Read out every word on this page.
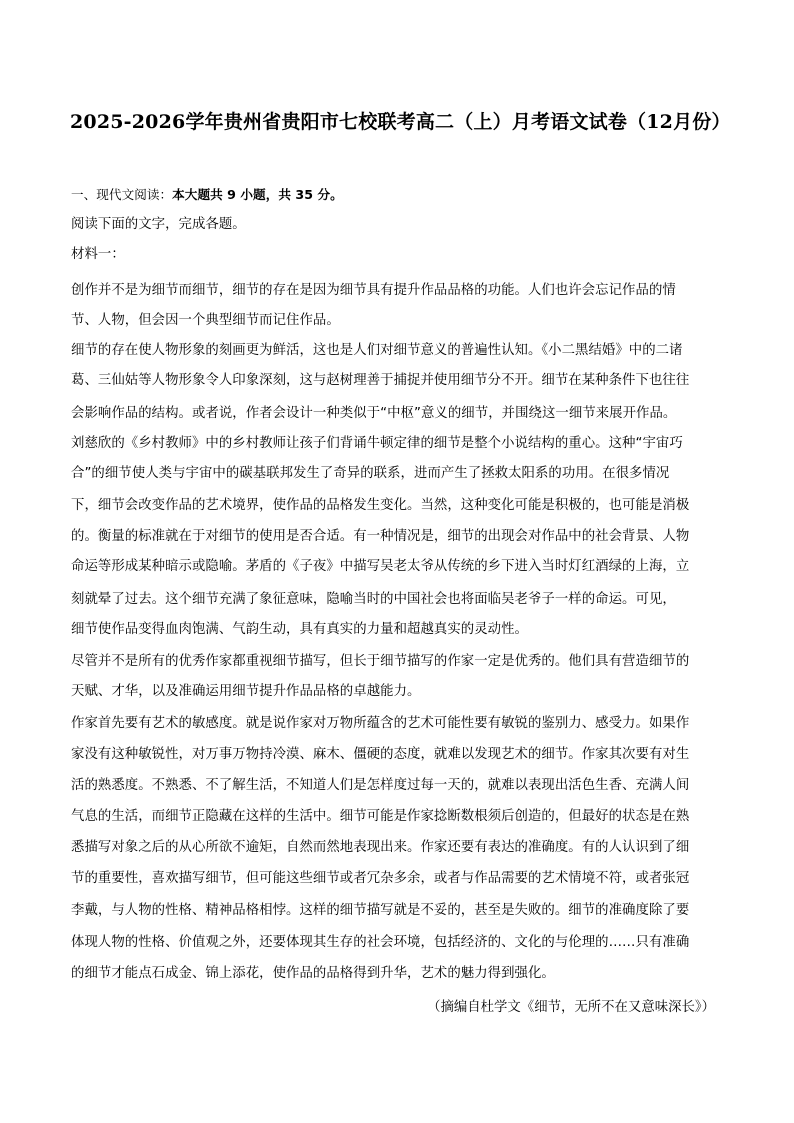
2025-2026学年贵州省贵阳市七校联考高二（上）月考语文试卷（12月份）
一、现代文阅读：本大题共 9 小题，共 35 分。
阅读下面的文字，完成各题。
材料一：
创作并不是为细节而细节，细节的存在是因为细节具有提升作品品格的功能。人们也许会忘记作品的情
节、人物，但会因一个典型细节而记住作品。
细节的存在使人物形象的刻画更为鲜活，这也是人们对细节意义的普遍性认知。《小二黑结婚》中的二诸
葛、三仙姑等人物形象令人印象深刻，这与赵树理善于捕捉并使用细节分不开。细节在某种条件下也往往
会影响作品的结构。或者说，作者会设计一种类似于“中枢”意义的细节，并围绕这一细节来展开作品。
刘慈欣的《乡村教师》中的乡村教师让孩子们背诵牛顿定律的细节是整个小说结构的重心。这种“宇宙巧
合”的细节使人类与宇宙中的碳基联邦发生了奇异的联系，进而产生了拯救太阳系的功用。在很多情况
下，细节会改变作品的艺术境界，使作品的品格发生变化。当然，这种变化可能是积极的，也可能是消极
的。衡量的标准就在于对细节的使用是否合适。有一种情况是，细节的出现会对作品中的社会背景、人物
命运等形成某种暗示或隐喻。茅盾的《子夜》中描写吴老太爷从传统的乡下进入当时灯红酒绿的上海，立
刻就晕了过去。这个细节充满了象征意味，隐喻当时的中国社会也将面临吴老爷子一样的命运。可见，
细节使作品变得血肉饱满、气韵生动，具有真实的力量和超越真实的灵动性。
尽管并不是所有的优秀作家都重视细节描写，但长于细节描写的作家一定是优秀的。他们具有营造细节的
天赋、才华，以及准确运用细节提升作品品格的卓越能力。
作家首先要有艺术的敏感度。就是说作家对万物所蕴含的艺术可能性要有敏锐的鉴别力、感受力。如果作
家没有这种敏锐性，对万事万物持冷漠、麻木、僵硬的态度，就难以发现艺术的细节。作家其次要有对生
活的熟悉度。不熟悉、不了解生活，不知道人们是怎样度过每一天的，就难以表现出活色生香、充满人间
气息的生活，而细节正隐藏在这样的生活中。细节可能是作家捻断数根须后创造的，但最好的状态是在熟
悉描写对象之后的从心所欲不逾矩，自然而然地表现出来。作家还要有表达的准确度。有的人认识到了细
节的重要性，喜欢描写细节，但可能这些细节或者冗杂多余，或者与作品需要的艺术情境不符，或者张冠
李戴，与人物的性格、精神品格相悖。这样的细节描写就是不妥的，甚至是失败的。细节的准确度除了要
体现人物的性格、价值观之外，还要体现其生存的社会环境，包括经济的、文化的与伦理的……只有准确
的细节才能点石成金、锦上添花，使作品的品格得到升华，艺术的魅力得到强化。
（摘编自杜学文《细节，无所不在又意味深长》）
